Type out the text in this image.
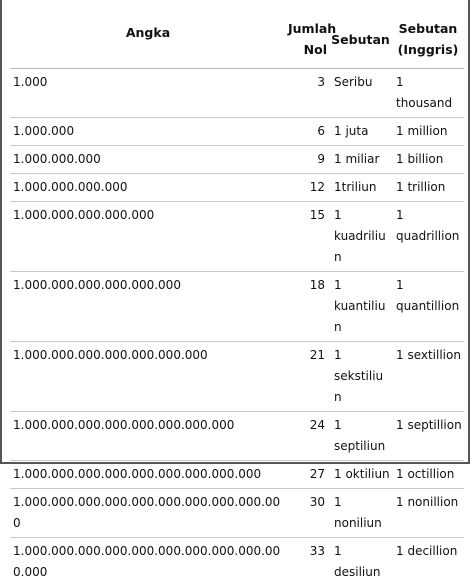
Angka	Jumlah Nol	Sebutan	Sebutan (Inggris)
1.000	3	Seribu	1 thousand
1.000.000	6	1 juta	1 million
1.000.000.000	9	1 miliar	1 billion
1.000.000.000.000	12	1triliun	1 trillion
1.000.000.000.000.000	15	1 kuadriliun	1 quadrillion
1.000.000.000.000.000.000	18	1 kuantiliun	1 quantillion
1.000.000.000.000.000.000.000	21	1 sekstiliun	1 sextillion
1.000.000.000.000.000.000.000.000	24	1 septiliun	1 septillion
1.000.000.000.000.000.000.000.000.000	27	1 oktiliun	1 octillion
1.000.000.000.000.000.000.000.000.000.000	30	1 noniliun	1 nonillion
1.000.000.000.000.000.000.000.000.000.000.000	33	1 desiliun	1 decillion
